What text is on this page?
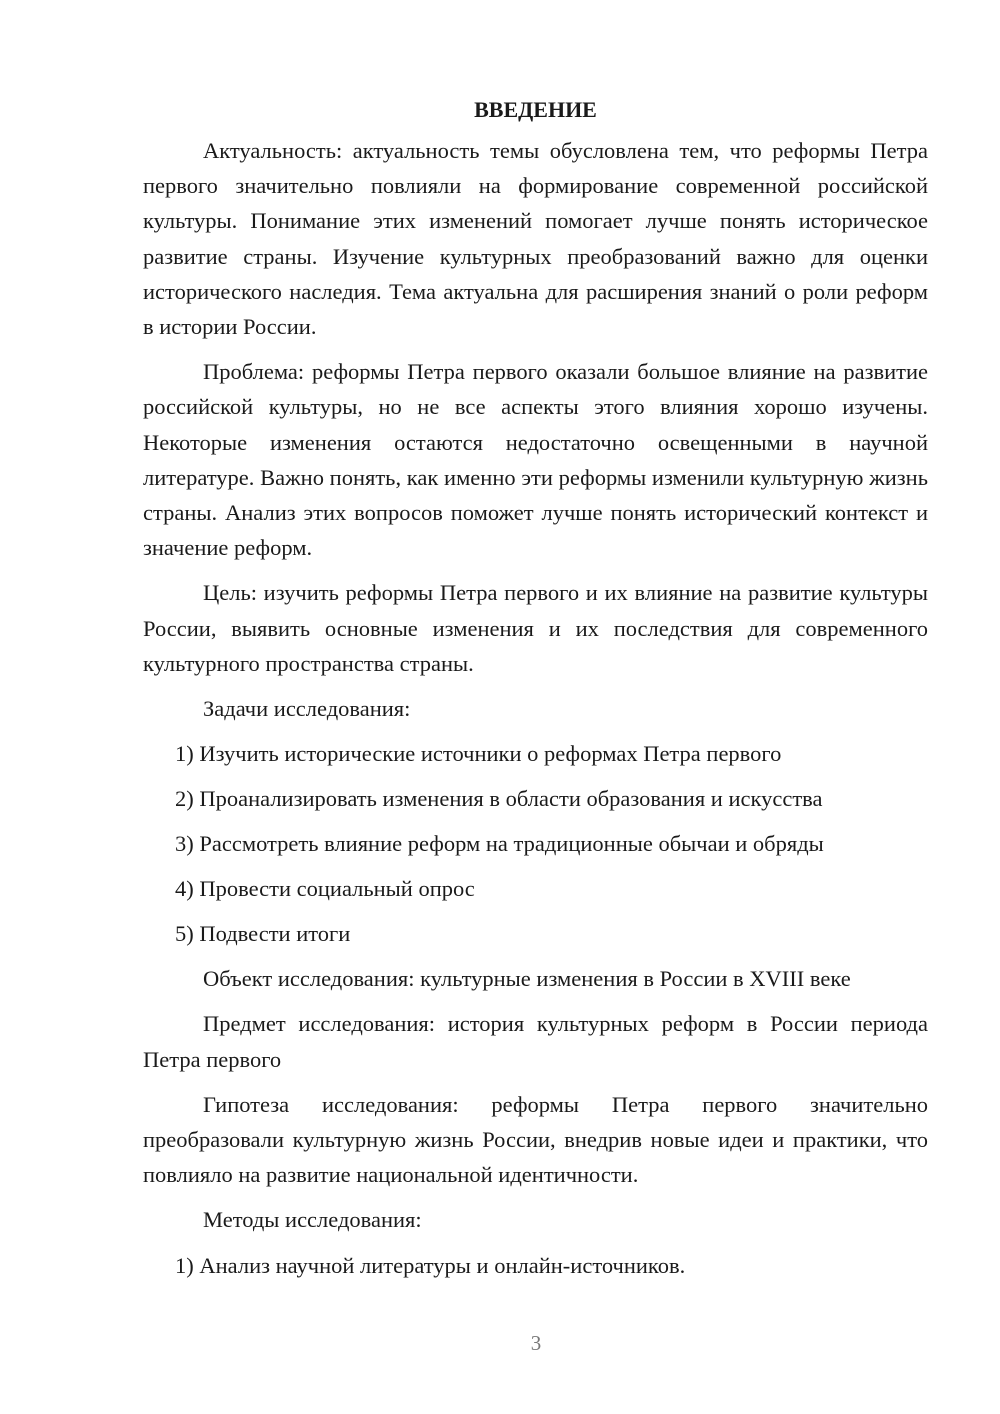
ВВЕДЕНИЕ

Актуальность: актуальность темы обусловлена тем, что реформы Петра первого значительно повлияли на формирование современной российской культуры. Понимание этих изменений помогает лучше понять историческое развитие страны. Изучение культурных преобразований важно для оценки исторического наследия. Тема актуальна для расширения знаний о роли реформ в истории России.

Проблема: реформы Петра первого оказали большое влияние на развитие российской культуры, но не все аспекты этого влияния хорошо изучены. Некоторые изменения остаются недостаточно освещенными в научной литературе. Важно понять, как именно эти реформы изменили культурную жизнь страны. Анализ этих вопросов поможет лучше понять исторический контекст и значение реформ.

Цель: изучить реформы Петра первого и их влияние на развитие культуры России, выявить основные изменения и их последствия для современного культурного пространства страны.

Задачи исследования:

1) Изучить исторические источники о реформах Петра первого
2) Проанализировать изменения в области образования и искусства
3) Рассмотреть влияние реформ на традиционные обычаи и обряды
4) Провести социальный опрос
5) Подвести итоги

Объект исследования: культурные изменения в России в XVIII веке

Предмет исследования: история культурных реформ в России периода Петра первого

Гипотеза исследования: реформы Петра первого значительно преобразовали культурную жизнь России, внедрив новые идеи и практики, что повлияло на развитие национальной идентичности.

Методы исследования:

1) Анализ научной литературы и онлайн-источников.
3
